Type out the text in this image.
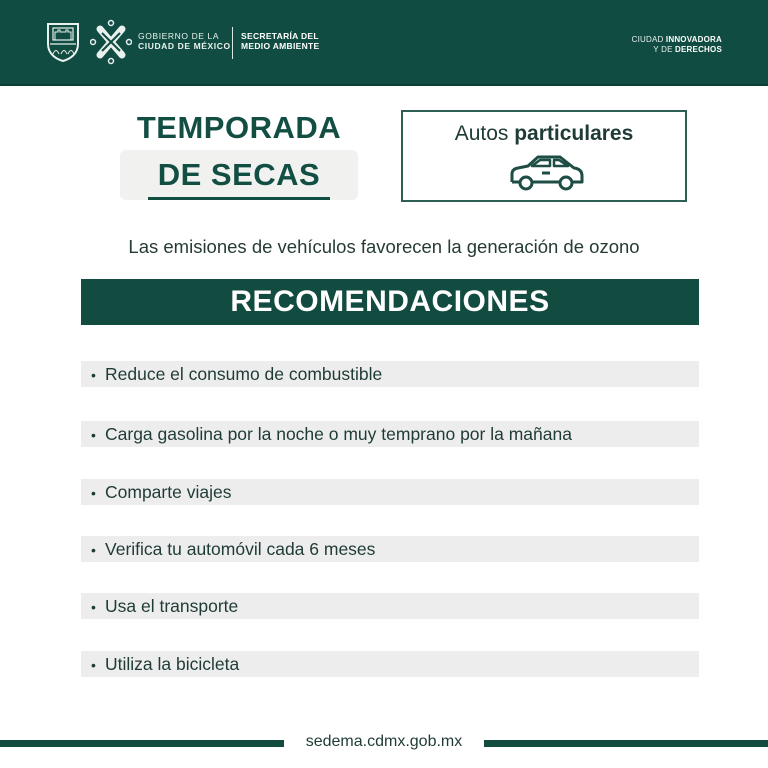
GOBIERNO DE LA
CIUDAD DE MÉXICO
SECRETARÍA DEL
MEDIO AMBIENTE
CIUDAD INNOVADORA
Y DE DERECHOS
TEMPORADA
DE SECAS
Autos particulares
Las emisiones de vehículos favorecen la generación de ozono
RECOMENDACIONES
• Reduce el consumo de combustible
• Carga gasolina por la noche o muy temprano por la mañana
• Comparte viajes
• Verifica tu automóvil cada 6 meses
• Usa el transporte
• Utiliza la bicicleta
sedema.cdmx.gob.mx
